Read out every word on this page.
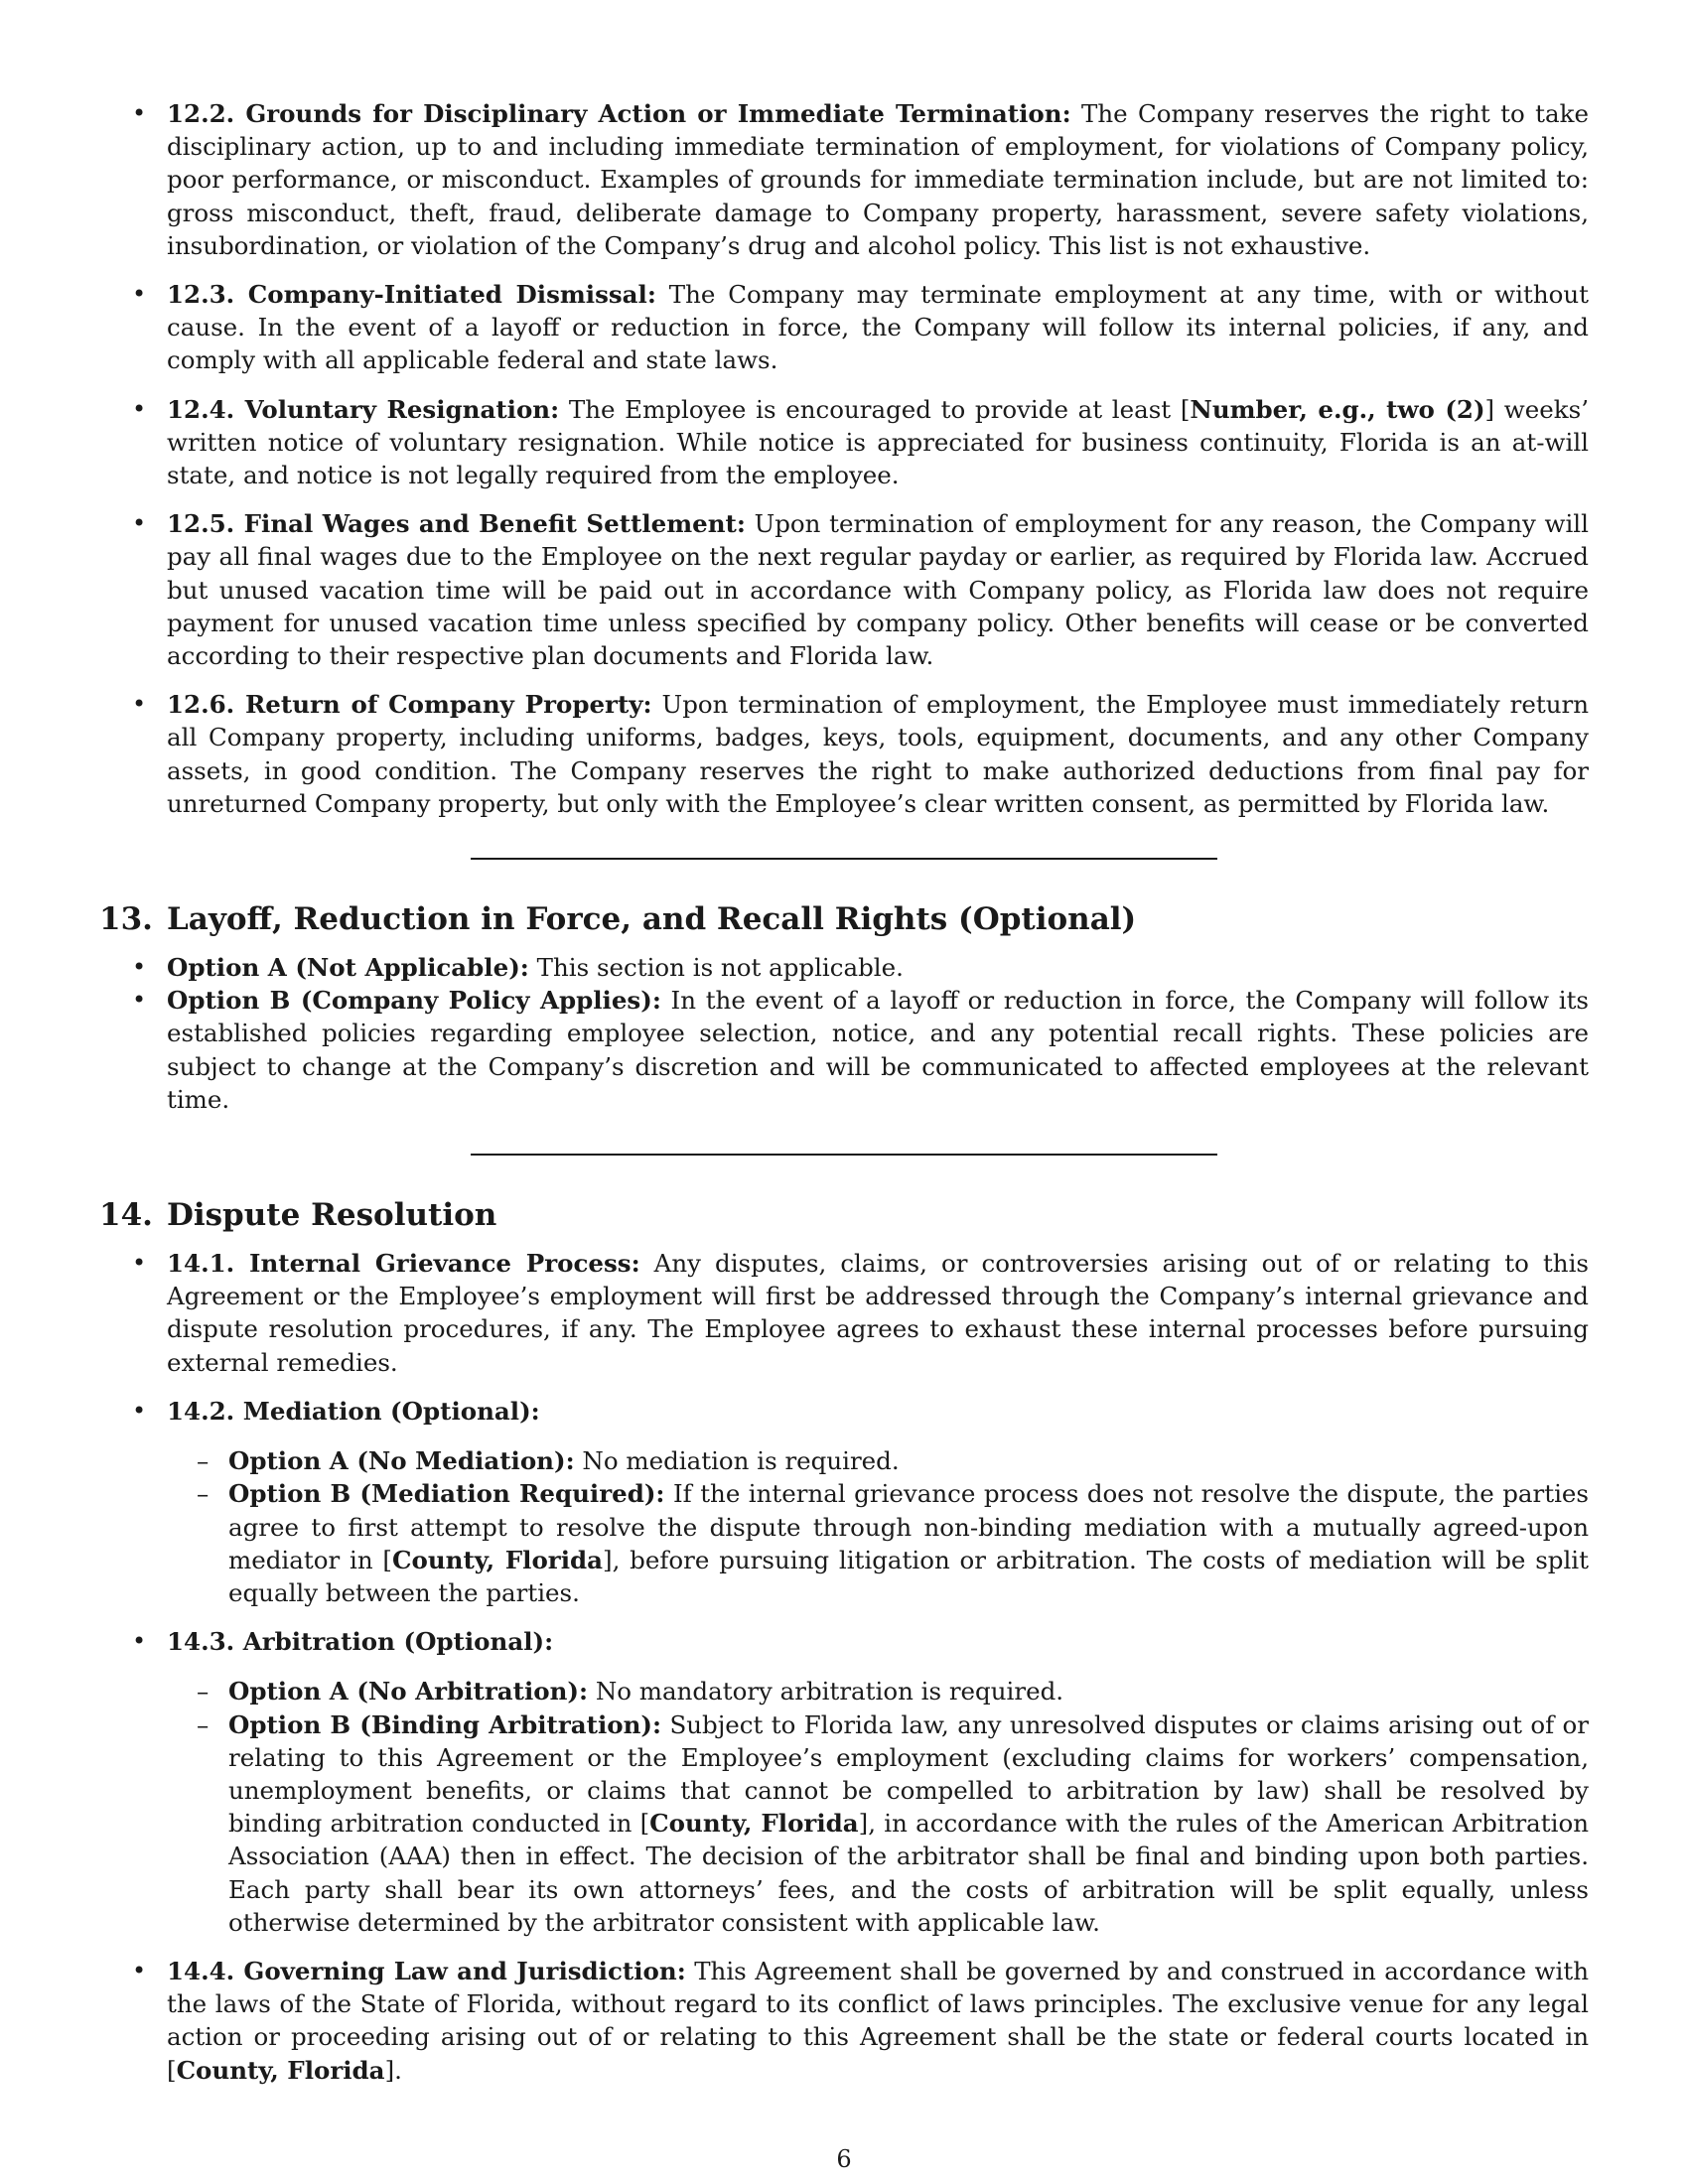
• 12.2. Grounds for Disciplinary Action or Immediate Termination: The Company reserves the right to take disciplinary action, up to and including immediate termination of employment, for violations of Company policy, poor performance, or misconduct. Examples of grounds for immediate termination include, but are not limited to: gross misconduct, theft, fraud, deliberate damage to Company property, harassment, severe safety violations, insubordination, or violation of the Company’s drug and alcohol policy. This list is not exhaustive.
• 12.3. Company-Initiated Dismissal: The Company may terminate employment at any time, with or without cause. In the event of a layoff or reduction in force, the Company will follow its internal policies, if any, and comply with all applicable federal and state laws.
• 12.4. Voluntary Resignation: The Employee is encouraged to provide at least [Number, e.g., two (2)] weeks’ written notice of voluntary resignation. While notice is appreciated for business continuity, Florida is an at-will state, and notice is not legally required from the employee.
• 12.5. Final Wages and Benefit Settlement: Upon termination of employment for any reason, the Company will pay all final wages due to the Employee on the next regular payday or earlier, as required by Florida law. Accrued but unused vacation time will be paid out in accordance with Company policy, as Florida law does not require payment for unused vacation time unless specified by company policy. Other benefits will cease or be converted according to their respective plan documents and Florida law.
• 12.6. Return of Company Property: Upon termination of employment, the Employee must immediately return all Company property, including uniforms, badges, keys, tools, equipment, documents, and any other Company assets, in good condition. The Company reserves the right to make authorized deductions from final pay for unreturned Company property, but only with the Employee’s clear written consent, as permitted by Florida law.
13. Layoff, Reduction in Force, and Recall Rights (Optional)
• Option A (Not Applicable): This section is not applicable.
• Option B (Company Policy Applies): In the event of a layoff or reduction in force, the Company will follow its established policies regarding employee selection, notice, and any potential recall rights. These policies are subject to change at the Company’s discretion and will be communicated to affected employees at the relevant time.
14. Dispute Resolution
• 14.1. Internal Grievance Process: Any disputes, claims, or controversies arising out of or relating to this Agreement or the Employee’s employment will first be addressed through the Company’s internal grievance and dispute resolution procedures, if any. The Employee agrees to exhaust these internal processes before pursuing external remedies.
• 14.2. Mediation (Optional):
– Option A (No Mediation): No mediation is required.
– Option B (Mediation Required): If the internal grievance process does not resolve the dispute, the parties agree to first attempt to resolve the dispute through non-binding mediation with a mutually agreed-upon mediator in [County, Florida], before pursuing litigation or arbitration. The costs of mediation will be split equally between the parties.
• 14.3. Arbitration (Optional):
– Option A (No Arbitration): No mandatory arbitration is required.
– Option B (Binding Arbitration): Subject to Florida law, any unresolved disputes or claims arising out of or relating to this Agreement or the Employee’s employment (excluding claims for workers’ compensation, unemployment benefits, or claims that cannot be compelled to arbitration by law) shall be resolved by binding arbitration conducted in [County, Florida], in accordance with the rules of the American Arbitration Association (AAA) then in effect. The decision of the arbitrator shall be final and binding upon both parties. Each party shall bear its own attorneys’ fees, and the costs of arbitration will be split equally, unless otherwise determined by the arbitrator consistent with applicable law.
• 14.4. Governing Law and Jurisdiction: This Agreement shall be governed by and construed in accordance with the laws of the State of Florida, without regard to its conflict of laws principles. The exclusive venue for any legal action or proceeding arising out of or relating to this Agreement shall be the state or federal courts located in [County, Florida].
6
